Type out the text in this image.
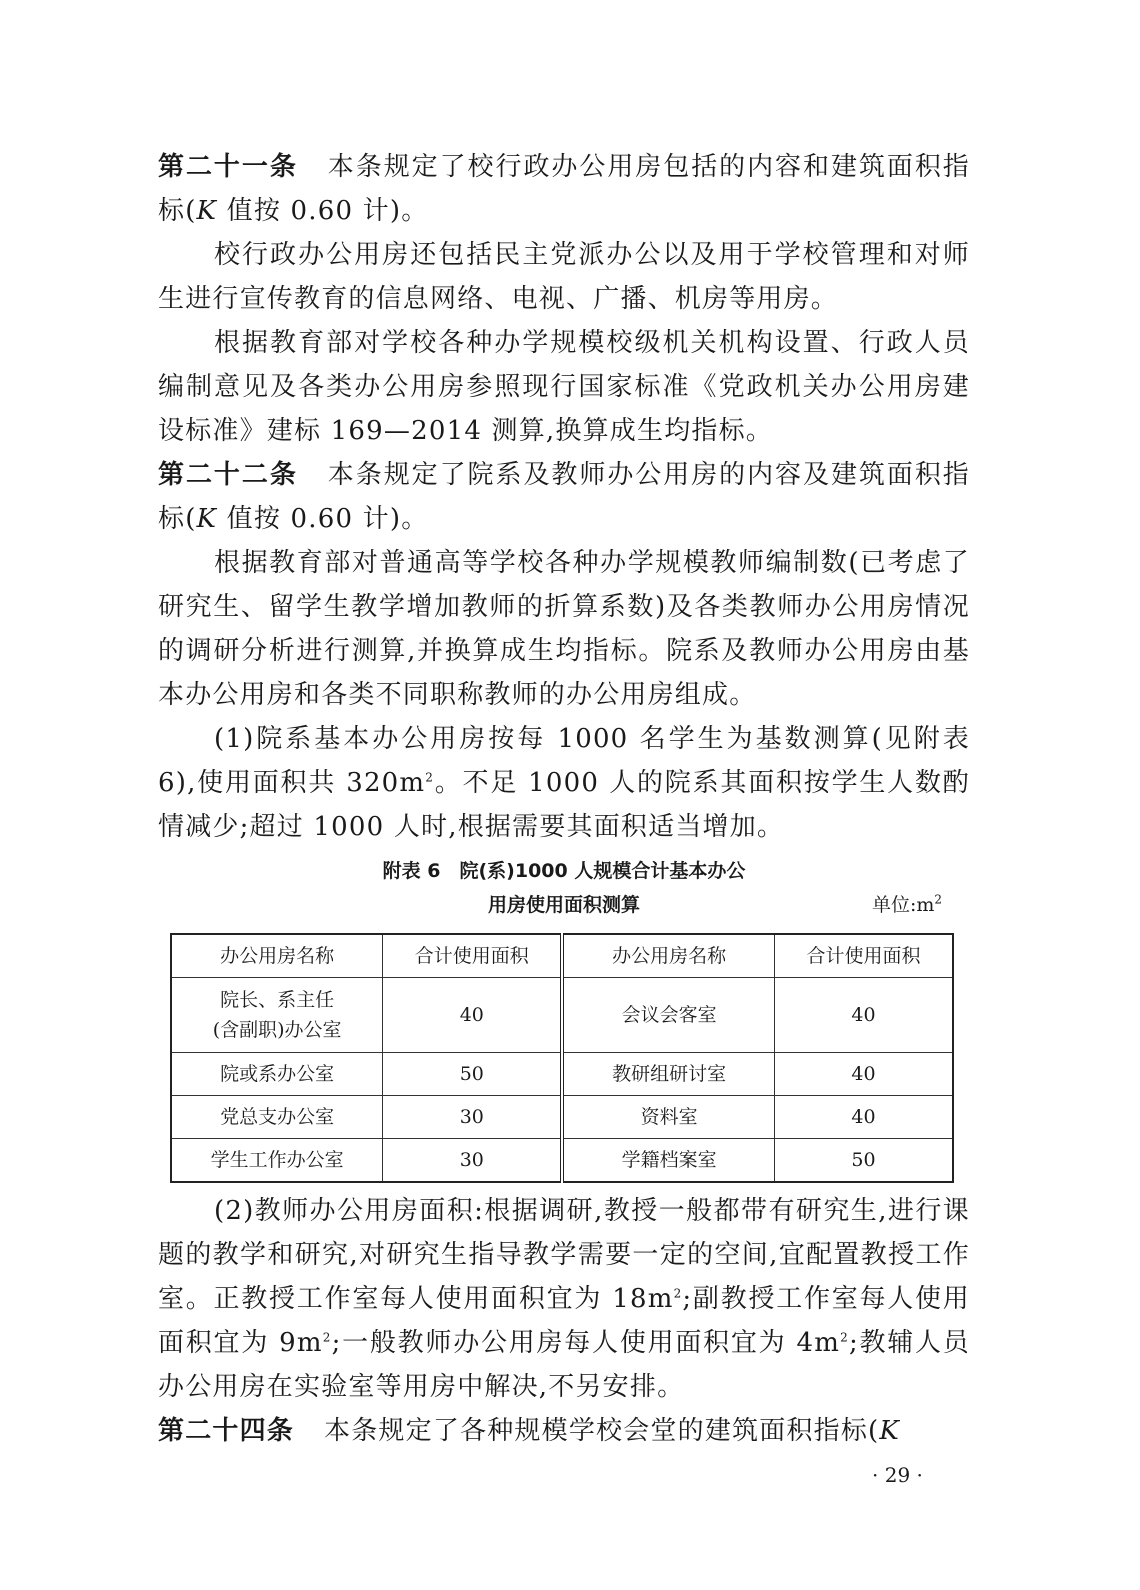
第二十一条 本条规定了校行政办公用房包括的内容和建筑面积指标(K 值按 0.60 计)。

校行政办公用房还包括民主党派办公以及用于学校管理和对师生进行宣传教育的信息网络、电视、广播、机房等用房。

根据教育部对学校各种办学规模校级机关机构设置、行政人员编制意见及各类办公用房参照现行国家标准《党政机关办公用房建设标准》建标 169—2014 测算,换算成生均指标。

第二十二条 本条规定了院系及教师办公用房的内容及建筑面积指标(K 值按 0.60 计)。

根据教育部对普通高等学校各种办学规模教师编制数(已考虑了研究生、留学生教学增加教师的折算系数)及各类教师办公用房情况的调研分析进行测算,并换算成生均指标。院系及教师办公用房由基本办公用房和各类不同职称教师的办公用房组成。

(1)院系基本办公用房按每 1000 名学生为基数测算(见附表 6),使用面积共 $320m^2$。不足 1000 人的院系其面积按学生人数酌情减少;超过 1000 人时,根据需要其面积适当增加。

附表 6　院(系)1000 人规模合计基本办公

用房使用面积测算	单位$:m^2$
办公用房名称	合计使用面积	办公用房名称	合计使用面积

院长、系主任
(含副职)办公室	40	会议会客室	40
院或系办公室	50	教研组研讨室	40
党总支办公室	30	资料室	40
学生工作办公室	30	学籍档案室	50

(2)教师办公用房面积:根据调研,教授一般都带有研究生,进行课题的教学和研究,对研究生指导教学需要一定的空间,宜配置教授工作室。正教授工作室每人使用面积宜为 $18m^2$;副教授工作室每人使用面积宜为 $9m^2$;一般教师办公用房每人使用面积宜为 $4m^2$;教辅人员办公用房在实验室等用房中解决,不另安排。

第二十四条 本条规定了各种规模学校会堂的建筑面积指标(K

· 29 ·
